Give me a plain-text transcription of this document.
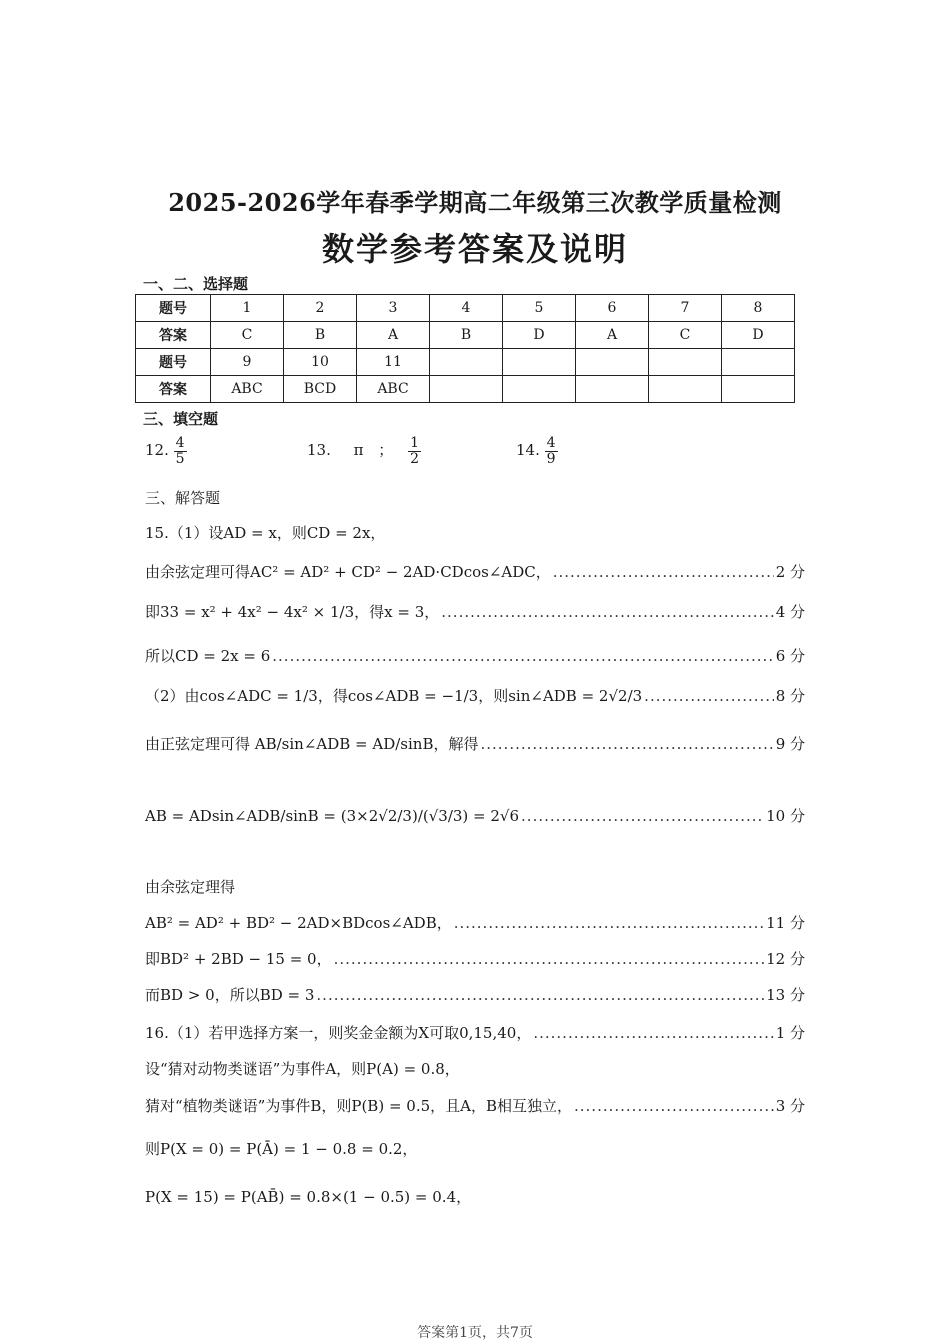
2025-2026学年春季学期高二年级第三次教学质量检测
数学参考答案及说明
一、二、选择题
题号	1	2	3	4	5	6	7	8
答案	C	B	A	B	D	A	C	D
题号	9	10	11					
答案	ABC	BCD	ABC					
三、填空题
12. $\frac{4}{5}$	13. π ； $\frac{1}{2}$	14. $\frac{4}{9}$
三、解答题
15.（1）设AD = x，则CD = 2x，
由余弦定理可得AC² = AD² + CD² − 2AD·CDcos∠ADC， .....	2 分
即33 = x² + 4x² − 4x² × 1/3，得x = 3， .....	4 分
所以CD = 2x = 6 .....	6 分
（2）由cos∠ADC = 1/3，得cos∠ADB = −1/3，则sin∠ADB = 2√2/3 .....	8 分
由正弦定理可得 AB/sin∠ADB = AD/sinB，解得 .....	9 分
AB = ADsin∠ADB/sinB = (3×2√2/3)/(√3/3) = 2√6 .....	10 分
由余弦定理得
AB² = AD² + BD² − 2AD×BDcos∠ADB， .....	11 分
即BD² + 2BD − 15 = 0， .....	12 分
而BD > 0，所以BD = 3 .....	13 分
16.（1）若甲选择方案一，则奖金金额为X可取0,15,40， .....	1 分
设“猜对动物类谜语”为事件A，则P(A) = 0.8，
猜对“植物类谜语”为事件B，则P(B) = 0.5，且A，B相互独立， .....	3 分
则P(X = 0) = P(Ā) = 1 − 0.8 = 0.2，
P(X = 15) = P(AB̄) = 0.8×(1 − 0.5) = 0.4，
答案第1页，共7页
